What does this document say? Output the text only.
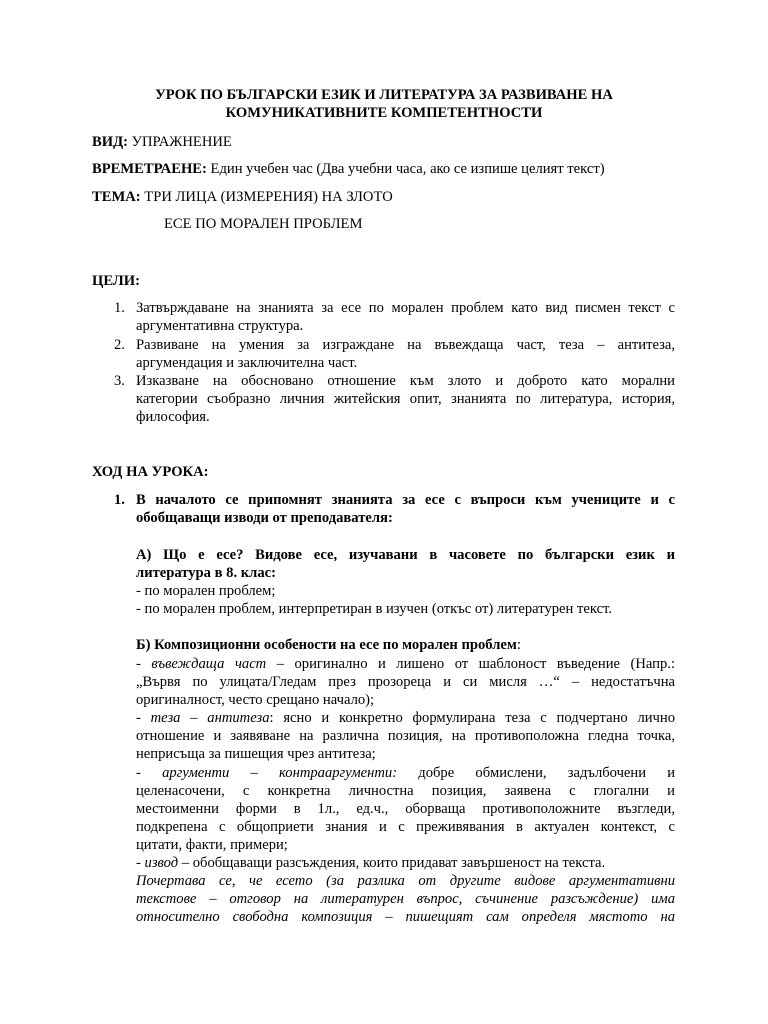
УРОК ПО БЪЛГАРСКИ ЕЗИК И ЛИТЕРАТУРА ЗА РАЗВИВАНЕ НА
КОМУНИКАТИВНИТЕ КОМПЕТЕНТНОСТИ
ВИД: УПРАЖНЕНИЕ
ВРЕМЕТРАЕНЕ: Един учебен час (Два учебни часа, ако се изпише целият текст)
ТЕМА: ТРИ ЛИЦА (ИЗМЕРЕНИЯ) НА ЗЛОТО
ЕСЕ ПО МОРАЛЕН ПРОБЛЕМ
ЦЕЛИ:
1. Затвърждаване на знанията за есе по морален проблем като вид писмен текст с
аргументативна структура.
2. Развиване на умения за изграждане на въвеждаща част, теза – антитеза,
аргумендация и заключителна част.
3. Изказване на обосновано отношение към злото и доброто като морални
категории съобразно личния житейския опит, знанията по литература, история,
философия.
ХОД НА УРОКА:
1. В началото се припомнят знанията за есе с въпроси към учениците и с
обобщаващи изводи от преподавателя:
А) Що е есе? Видове есе, изучавани в часовете по български език и
литература в 8. клас:
- по морален проблем;
- по морален проблем, интерпретиран в изучен (откъс от) литературен текст.
Б) Композиционни особености на есе по морален проблем:
- въвеждаща част – оригинално и лишено от шаблоност въведение (Напр.:
„Вървя по улицата/Гледам през прозореца и си мисля …“ – недостатъчна
оригиналност, често срещано начало);
- теза – антитеза: ясно и конкретно формулирана теза с подчертано лично
отношение и заявяване на различна позиция, на противоположна гледна точка,
неприсъща за пишещия чрез антитеза;
- аргументи – контрааргументи: добре обмислени, задълбочени и
целенасочени, с конкретна личностна позиция, заявена с глогални и
местоименни форми в 1л., ед.ч., оборваща противоположните възгледи,
подкрепена с общоприети знания и с преживявания в актуален контекст, с
цитати, факти, примери;
- извод – обобщаващи разсъждения, които придават завършеност на текста.
Почертава се, че есето (за разлика от другите видове аргументативни
текстове – отговор на литературен въпрос, съчинение разсъждение) има
относително свободна композиция – пишещият сам определя мястото на
